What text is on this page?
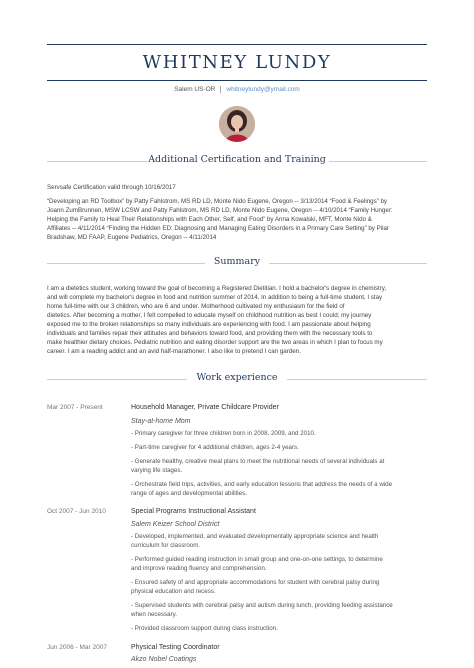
WHITNEY LUNDY
Salem US-OR whitneylundy@ymail.com
Additional Certification and Training
Servsafe Certification valid through 10/16/2017
“Developing an RD Toolbox” by Patty Fahlstrom, MS RD LD, Monte Nido Eugene, Oregon -- 3/13/2014 “Food & Feelings” by
Joann ZumBrunnen, MSW LCSW and Patty Fahlstrom, MS RD LD, Monte Nido Eugene, Oregon -- 4/10/2014 “Family Hunger:
Helping the Family to Heal Their Relationships with Each Other, Self, and Food” by Anna Kowalski, MFT, Monte Nido &
Affiliates -- 4/11/2014 “Finding the Hidden ED: Diagnosing and Managing Eating Disorders in a Primary Care Setting” by Pilar
Bradshaw, MD FAAP, Eugene Pediatrics, Oregon -- 4/11/2014
Summary
I am a dietetics student, working toward the goal of becoming a Registered Dietitian. I hold a bachelor's degree in chemistry,
and will complete my bachelor's degree in food and nutrition summer of 2014. In addition to being a full-time student, I stay
home full-time with our 3 children, who are 6 and under. Motherhood cultivated my enthusiasm for the field of
dietetics. After becoming a mother, I felt compelled to educate myself on childhood nutrition as best I could; my journey
exposed me to the broken relationships so many individuals are experiencing with food. I am passionate about helping
individuals and families repair their attitudes and behaviors toward food, and providing them with the necessary tools to
make healthier dietary choices. Pediatric nutrition and eating disorder support are the two areas in which I plan to focus my
career. I am a reading addict and an avid half-marathoner. I also like to pretend I can garden.
Work experience
Mar 2007 - Present	Household Manager, Private Childcare Provider
Stay-at-home Mom
- Primary caregiver for three children born in 2008, 2009, and 2010.
- Part-time caregiver for 4 additional children, ages 2-4 years.
- Generate healthy, creative meal plans to meet the nutritional needs of several individuals at
varying life stages.
- Orchestrate field trips, activities, and early education lessons that address the needs of a wide
range of ages and developmental abilities.
Oct 2007 - Jun 2010	Special Programs Instructional Assistant
Salem Keizer School District
- Developed, implemented, and evaluated developmentally appropriate science and health
curriculum for classroom.
- Performed guided reading instruction in small group and one-on-one settings, to determine
and improve reading fluency and comprehension.
- Ensured safety of and appropriate accommodations for student with cerebral palsy during
physical education and recess.
- Supervised students with cerebral palsy and autism during lunch, providing feeding assistance
when necessary.
- Provided classroom support during class instruction.
Jun 2006 - Mar 2007	Physical Testing Coordinator
Akzo Nobel Coatings
